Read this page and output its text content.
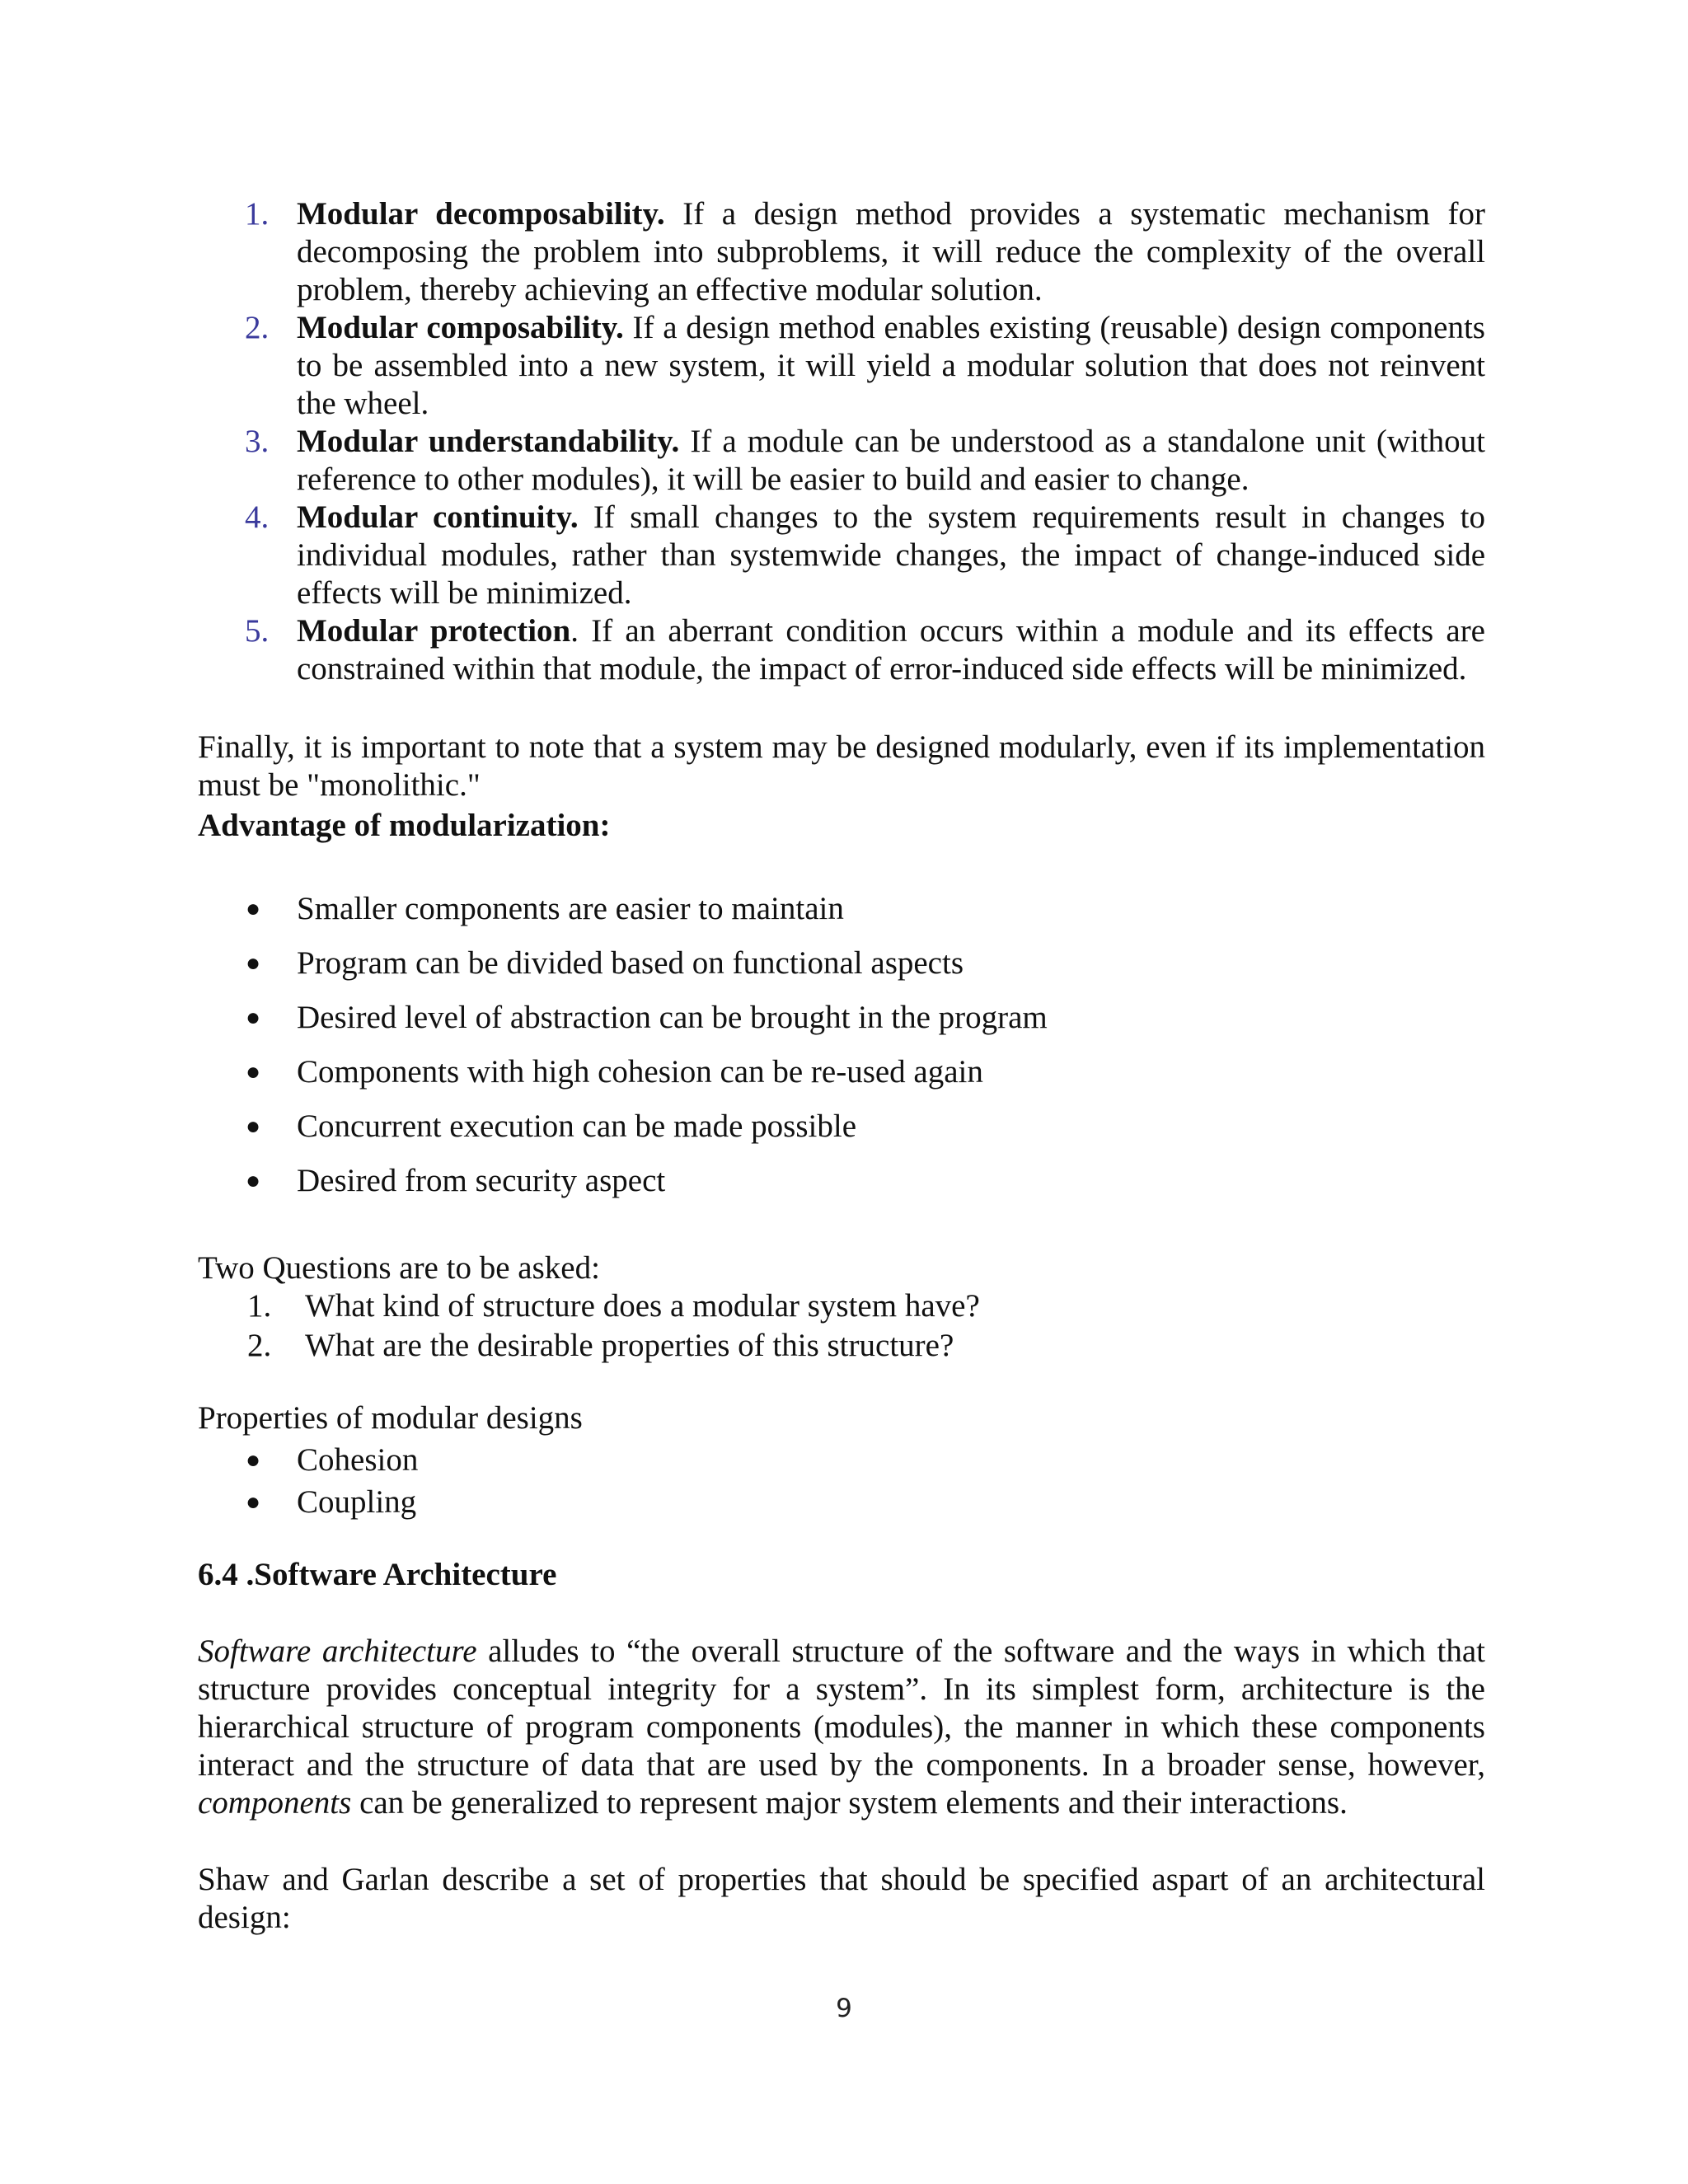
1. Modular decomposability. If a design method provides a systematic mechanism for decomposing the problem into subproblems, it will reduce the complexity of the overall problem, thereby achieving an effective modular solution.
2. Modular composability. If a design method enables existing (reusable) design components to be assembled into a new system, it will yield a modular solution that does not reinvent the wheel.
3. Modular understandability. If a module can be understood as a standalone unit (without reference to other modules), it will be easier to build and easier to change.
4. Modular continuity. If small changes to the system requirements result in changes to individual modules, rather than systemwide changes, the impact of change-induced side effects will be minimized.
5. Modular protection. If an aberrant condition occurs within a module and its effects are constrained within that module, the impact of error-induced side effects will be minimized.
Finally, it is important to note that a system may be designed modularly, even if its implementation must be "monolithic."
Advantage of modularization:
● Smaller components are easier to maintain
● Program can be divided based on functional aspects
● Desired level of abstraction can be brought in the program
● Components with high cohesion can be re-used again
● Concurrent execution can be made possible
● Desired from security aspect
Two Questions are to be asked:
1. What kind of structure does a modular system have?
2. What are the desirable properties of this structure?
Properties of modular designs
● Cohesion
● Coupling
6.4 .Software Architecture
Software architecture alludes to “the overall structure of the software and the ways in which that structure provides conceptual integrity for a system”. In its simplest form, architecture is the hierarchical structure of program components (modules), the manner in which these components interact and the structure of data that are used by the components. In a broader sense, however, components can be generalized to represent major system elements and their interactions.
Shaw and Garlan describe a set of properties that should be specified aspart of an architectural design:
9
